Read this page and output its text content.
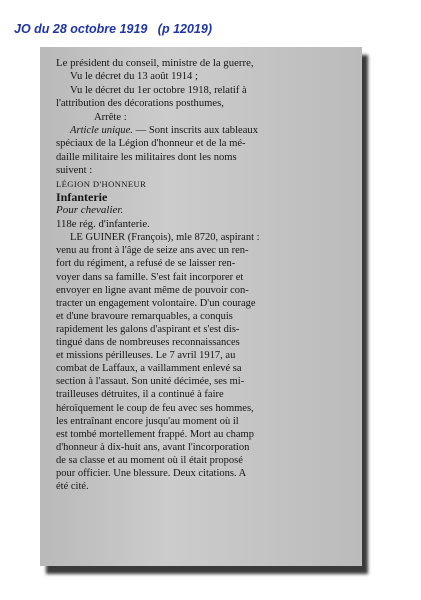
JO du 28 octobre 1919   (p 12019)

Le président du conseil, ministre de la guerre,

Vu le décret du 13 août 1914 ;

Vu le décret du 1er octobre 1918, relatif à

l'attribution des décorations posthumes,

Arrête :

Article unique. — Sont inscrits aux tableaux

spéciaux de la Légion d'honneur et de la mé-

daille militaire les militaires dont les noms

suivent :

LÉGION D'HONNEUR

Infanterie

Pour chevalier.

118e rég. d'infanterie.

LE GUINER (François), mle 8720, aspirant :

venu au front à l'âge de seize ans avec un ren-

fort du régiment, a refusé de se laisser ren-

voyer dans sa famille. S'est fait incorporer et

envoyer en ligne avant même de pouvoir con-

tracter un engagement volontaire. D'un courage

et d'une bravoure remarquables, a conquis

rapidement les galons d'aspirant et s'est dis-

tingué dans de nombreuses reconnaissances

et missions périlleuses. Le 7 avril 1917, au

combat de Laffaux, a vaillamment enlevé sa

section à l'assaut. Son unité décimée, ses mi-

trailleuses détruites, il a continué à faire

héroïquement le coup de feu avec ses hommes,

les entraînant encore jusqu'au moment où il

est tombé mortellement frappé. Mort au champ

d'honneur à dix-huit ans, avant l'incorporation

de sa classe et au moment où il était proposé

pour officier. Une blessure. Deux citations. A

été cité.
